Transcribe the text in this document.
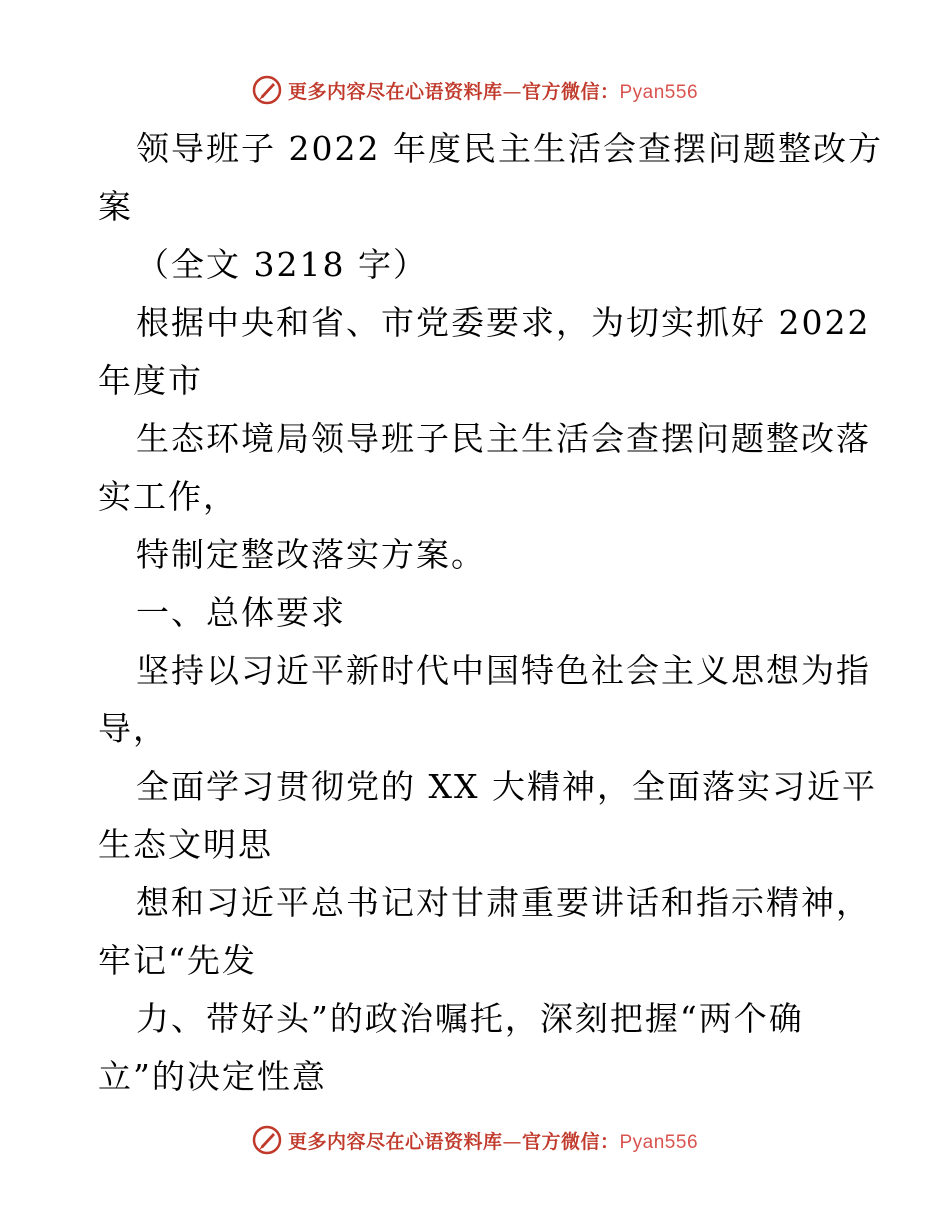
更多内容尽在心语资料库—官方微信：Pyan556

领导班子 2022 年度民主生活会查摆问题整改方

案

（全文 3218 字）

根据中央和省、市党委要求，为切实抓好 2022

年度市

生态环境局领导班子民主生活会查摆问题整改落

实工作，

特制定整改落实方案。

一、总体要求

坚持以习近平新时代中国特色社会主义思想为指

导，

全面学习贯彻党的 XX 大精神，全面落实习近平

生态文明思

想和习近平总书记对甘肃重要讲话和指示精神，

牢记“先发

力、带好头”的政治嘱托，深刻把握“两个确

立”的决定性意

更多内容尽在心语资料库—官方微信：Pyan556
